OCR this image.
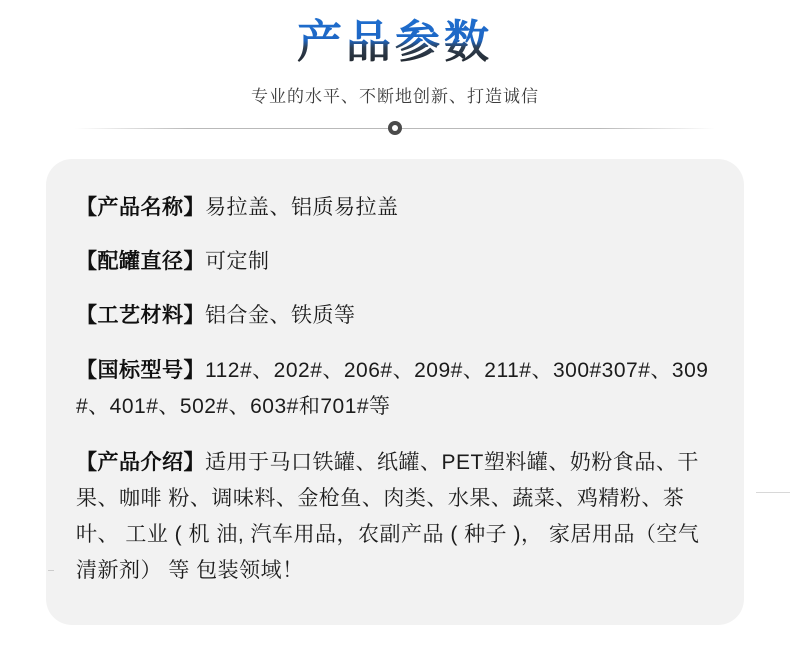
产品参数
专业的水平、不断地创新、打造诚信
【产品名称】易拉盖、铝质易拉盖
【配罐直径】可定制
【工艺材料】铝合金、铁质等
【国标型号】112#、202#、206#、209#、211#、300#307#、309#、401#、502#、603#和701#等
【产品介绍】适用于马口铁罐、纸罐、PET塑料罐、奶粉食品、干果、咖啡 粉、调味料、金枪鱼、肉类、水果、蔬菜、鸡精粉、茶叶、 工业 ( 机 油, 汽车用品，农副产品 ( 种子 )， 家居用品（空气清新剂） 等 包装领域！
